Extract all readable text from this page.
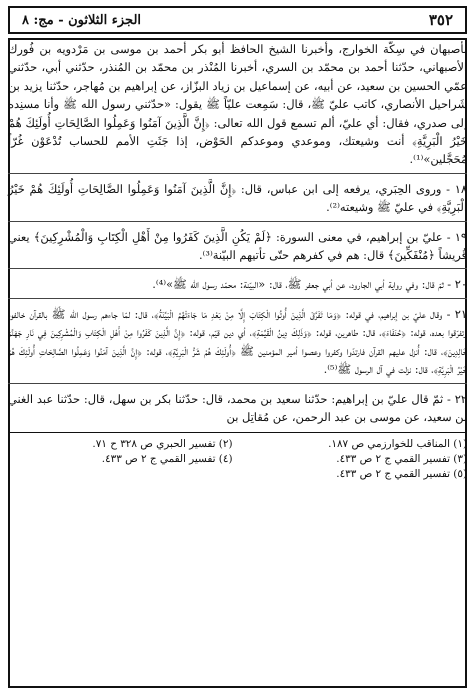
٣٥٢
الجزء الثلاثون - مج: ٨

بأصبهان في سِكّة الخوارج، وأخبرنا الشيخ الحافظ أبو بكر أحمد بن موسى بن مَرْدويه بن فُورك الأصبهاني، حدّثنا أحمد بن محمّد بن السري، أخبرنا المُنْذر بن محمّد بن المُنذر، حدّثني أبي، حدّثني عمّي الحسين بن سعيد، عن أبيه، عن إسماعيل بن زياد البزّاز، عن إبراهيم بن مُهاجر، حدّثنا يزيد بن شَراحيل الأنصاري، كاتب عليّ ﷺ، قال: سَمِعت عليّاً ﷺ يقول: «حدّثني رسول الله ﷺ وأنا مسنِده إلى صدري، فقال: أي عليّ، ألم تسمع قول الله تعالى: ﴿إِنَّ الَّذِينَ آمَنُوا وَعَمِلُوا الصَّالِحَاتِ أُولَئِكَ هُمْ خَيْرُ الْبَرِيَّةِ﴾ أنت وشيعتك، وموعدي وموعدكم الحَوْض، إذا جَثَتِ الأمم للحساب تُدْعَوْن غُرّاً مُحَجَّلين»⁽¹⁾.

١٨ - وروى الحِبَري، يرفعه إلى ابن عباس، قال: ﴿إِنَّ الَّذِينَ آمَنُوا وَعَمِلُوا الصَّالِحَاتِ أُولَئِكَ هُمْ خَيْرُ الْبَرِيَّةِ﴾ في عليّ ﷺ وشيعته⁽²⁾.

١٩ - عليّ بن إبراهيم، في معنى السورة: ﴿لَمْ يَكُنِ الَّذِينَ كَفَرُوا مِنْ أَهْلِ الْكِتَابِ وَالْمُشْرِكِينَ﴾ يعني قُريشاً ﴿مُنْفَكِّينَ﴾ قال: هم في كفرهم حتّى تأتيهم البيّنة⁽³⁾.

٢٠ - ثمّ قال: وفي رواية أبي الجارود، عن أبي جعفر ﷺ، قال: «البيّنة: محمّد رسول الله ﷺ»⁽⁴⁾.

٢١ - وقال عليّ بن إبراهيم، في قوله: ﴿وَمَا تَفَرَّقَ الَّذِينَ أُوتُوا الْكِتَابَ إِلَّا مِنْ بَعْدِ مَا جَاءَتْهُمُ الْبَيِّنَةُ﴾، قال: لمّا جاءهم رسول الله ﷺ بالقرآن خالفوه وتفرّقوا بعده، قوله: ﴿حُنَفَاءَ﴾، قال: طاهرين، قوله: ﴿وَذَلِكَ دِينُ الْقَيِّمَةِ﴾، أي دين قيّم، قوله: ﴿إِنَّ الَّذِينَ كَفَرُوا مِنْ أَهْلِ الْكِتَابِ وَالْمُشْرِكِينَ فِي نَارِ جَهَنَّمَ خَالِدِينَ﴾، قال: أُنزل عليهم القرآن فارتدّوا وكفروا وعصوا أمير المؤمنين ﷺ ﴿أُولَئِكَ هُمْ شَرُّ الْبَرِيَّةِ﴾، قوله: ﴿إِنَّ الَّذِينَ آمَنُوا وَعَمِلُوا الصَّالِحَاتِ أُولَئِكَ هُمْ خَيْرُ الْبَرِيَّةِ﴾، قال: نزلت في آل الرسول ﷺ⁽⁵⁾.

٢٢ - ثمّ قال عليّ بن إبراهيم: حدّثنا سعيد بن محمد، قال: حدّثنا بكر بن سهل، قال: حدّثنا عبد الغني بن سعيد، عن موسى بن عبد الرحمن، عن مُقاتِل بن

(١) المناقب للخوارزمي ص ١٨٧.
(٢) تفسير الحبري ص ٣٢٨ ح ٧١.
(٣) تفسير القمي ج ٢ ص ٤٣٣.
(٤) تفسير القمي ج ٢ ص ٤٣٣.
(٥) تفسير القمي ج ٢ ص ٤٣٣.
